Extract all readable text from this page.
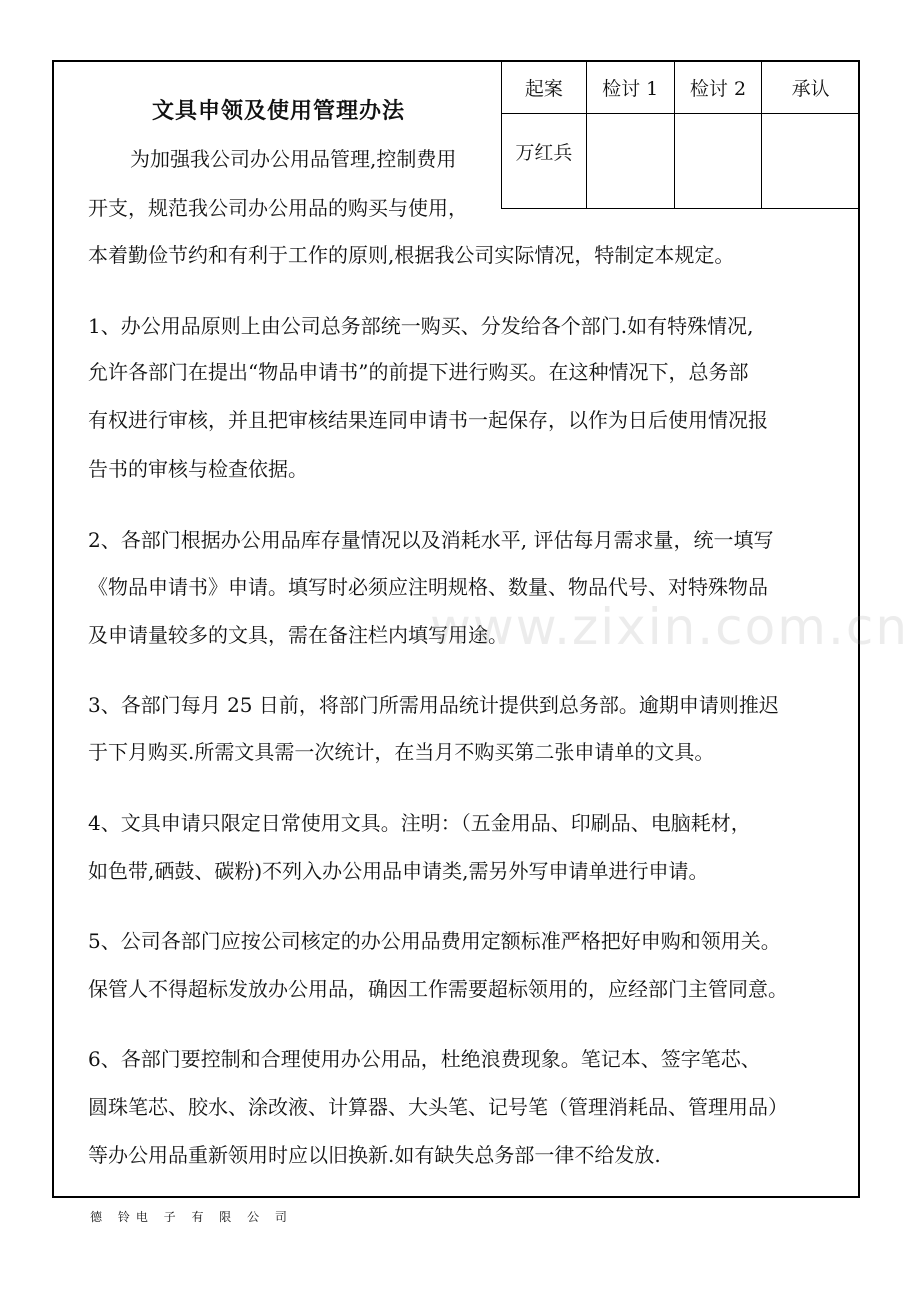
起案	检讨 1	检讨 2	承认
万红兵			
文具申领及使用管理办法
为加强我公司办公用品管理,控制费用
开支，规范我公司办公用品的购买与使用，
本着勤俭节约和有利于工作的原则,根据我公司实际情况，特制定本规定。
1、办公用品原则上由公司总务部统一购买、分发给各个部门.如有特殊情况,
允许各部门在提出“物品申请书”的前提下进行购买。在这种情况下，总务部
有权进行审核，并且把审核结果连同申请书一起保存，以作为日后使用情况报
告书的审核与检查依据。
2、各部门根据办公用品库存量情况以及消耗水平, 评估每月需求量，统一填写
《物品申请书》申请。填写时必须应注明规格、数量、物品代号、对特殊物品
及申请量较多的文具，需在备注栏内填写用途。
3、各部门每月 25 日前，将部门所需用品统计提供到总务部。逾期申请则推迟
于下月购买.所需文具需一次统计，在当月不购买第二张申请单的文具。
4、文具申请只限定日常使用文具。注明：（五金用品、印刷品、电脑耗材，
如色带,硒鼓、碳粉)不列入办公用品申请类,需另外写申请单进行申请。
5、公司各部门应按公司核定的办公用品费用定额标准严格把好申购和领用关。
保管人不得超标发放办公用品，确因工作需要超标领用的，应经部门主管同意。
6、各部门要控制和合理使用办公用品，杜绝浪费现象。笔记本、签字笔芯、
圆珠笔芯、胶水、涂改液、计算器、大头笔、记号笔（管理消耗品、管理用品）
等办公用品重新领用时应以旧换新.如有缺失总务部一律不给发放.
www.zixin.com.cn
德 铃电 子 有 限 公 司
